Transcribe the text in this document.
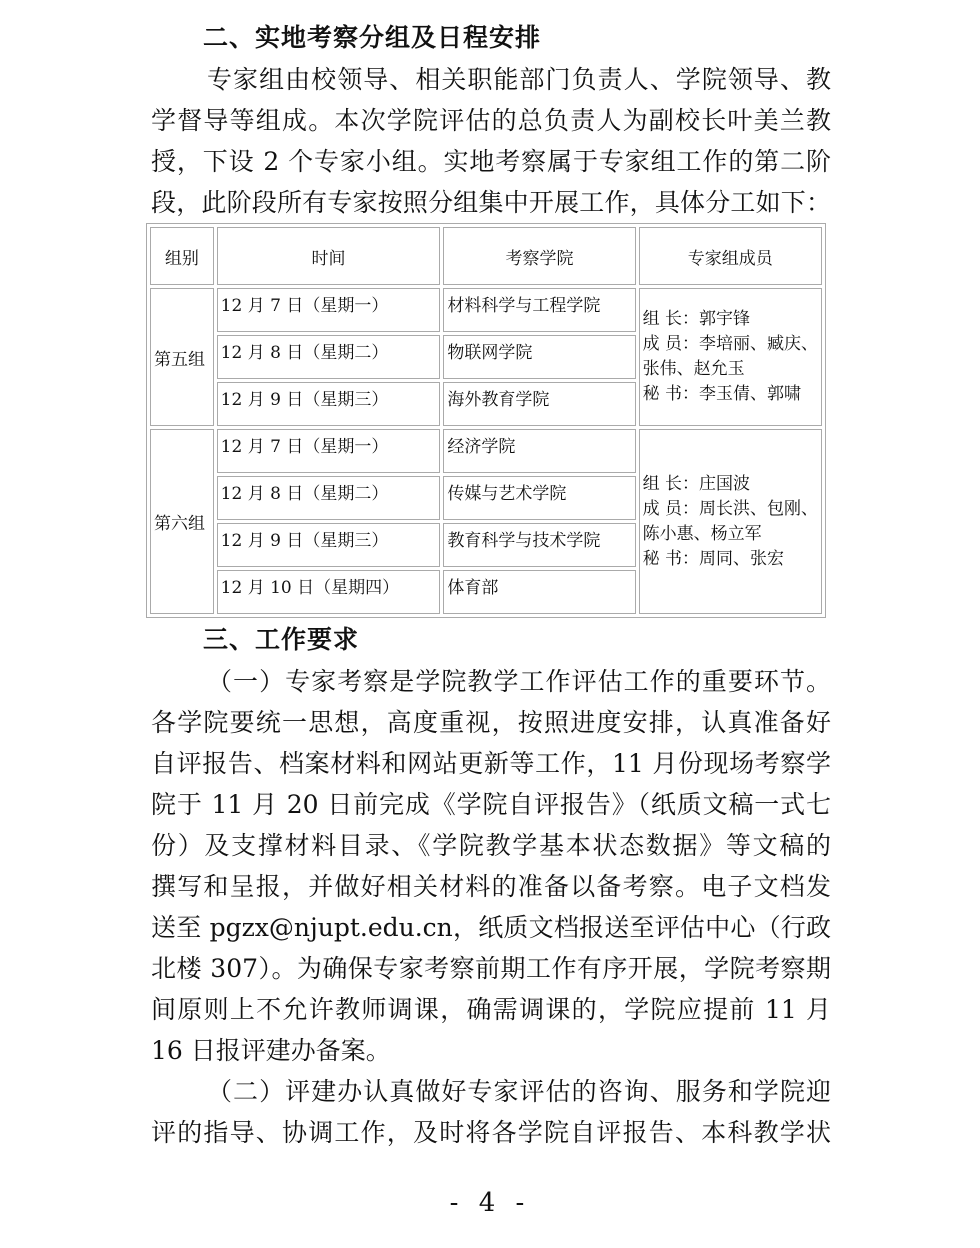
二、实地考察分组及日程安排
专家组由校领导、相关职能部门负责人、学院领导、教
学督导等组成。本次学院评估的总负责人为副校长叶美兰教
授，下设 2 个专家小组。实地考察属于专家组工作的第二阶
段，此阶段所有专家按照分组集中开展工作，具体分工如下：
组别	时间	考察学院	专家组成员
第五组	12 月 7 日（星期一）	材料科学与工程学院	组 长：郭宇锋
成 员：李培丽、臧庆、
张伟、赵允玉
秘 书：李玉倩、郭啸

	12 月 8 日（星期二）	物联网学院	
	12 月 9 日（星期三）	海外教育学院	
第六组	12 月 7 日（星期一）	经济学院	组 长：庄国波
成 员：周长洪、包刚、
陈小惠、杨立军
秘 书：周同、张宏

	12 月 8 日（星期二）	传媒与艺术学院	
	12 月 9 日（星期三）	教育科学与技术学院	
	12 月 10 日（星期四）	体育部	
三、工作要求
（一）专家考察是学院教学工作评估工作的重要环节。
各学院要统一思想，高度重视，按照进度安排，认真准备好
自评报告、档案材料和网站更新等工作，11 月份现场考察学
院于 11 月 20 日前完成《学院自评报告》（纸质文稿一式七
份）及支撑材料目录、《学院教学基本状态数据》等文稿的
撰写和呈报，并做好相关材料的准备以备考察。电子文档发
送至 pgzx@njupt.edu.cn，纸质文档报送至评估中心（行政
北楼 307）。为确保专家考察前期工作有序开展，学院考察期
间原则上不允许教师调课，确需调课的，学院应提前 11 月
16 日报评建办备案。
（二）评建办认真做好专家评估的咨询、服务和学院迎
评的指导、协调工作，及时将各学院自评报告、本科教学状
- 4 -
